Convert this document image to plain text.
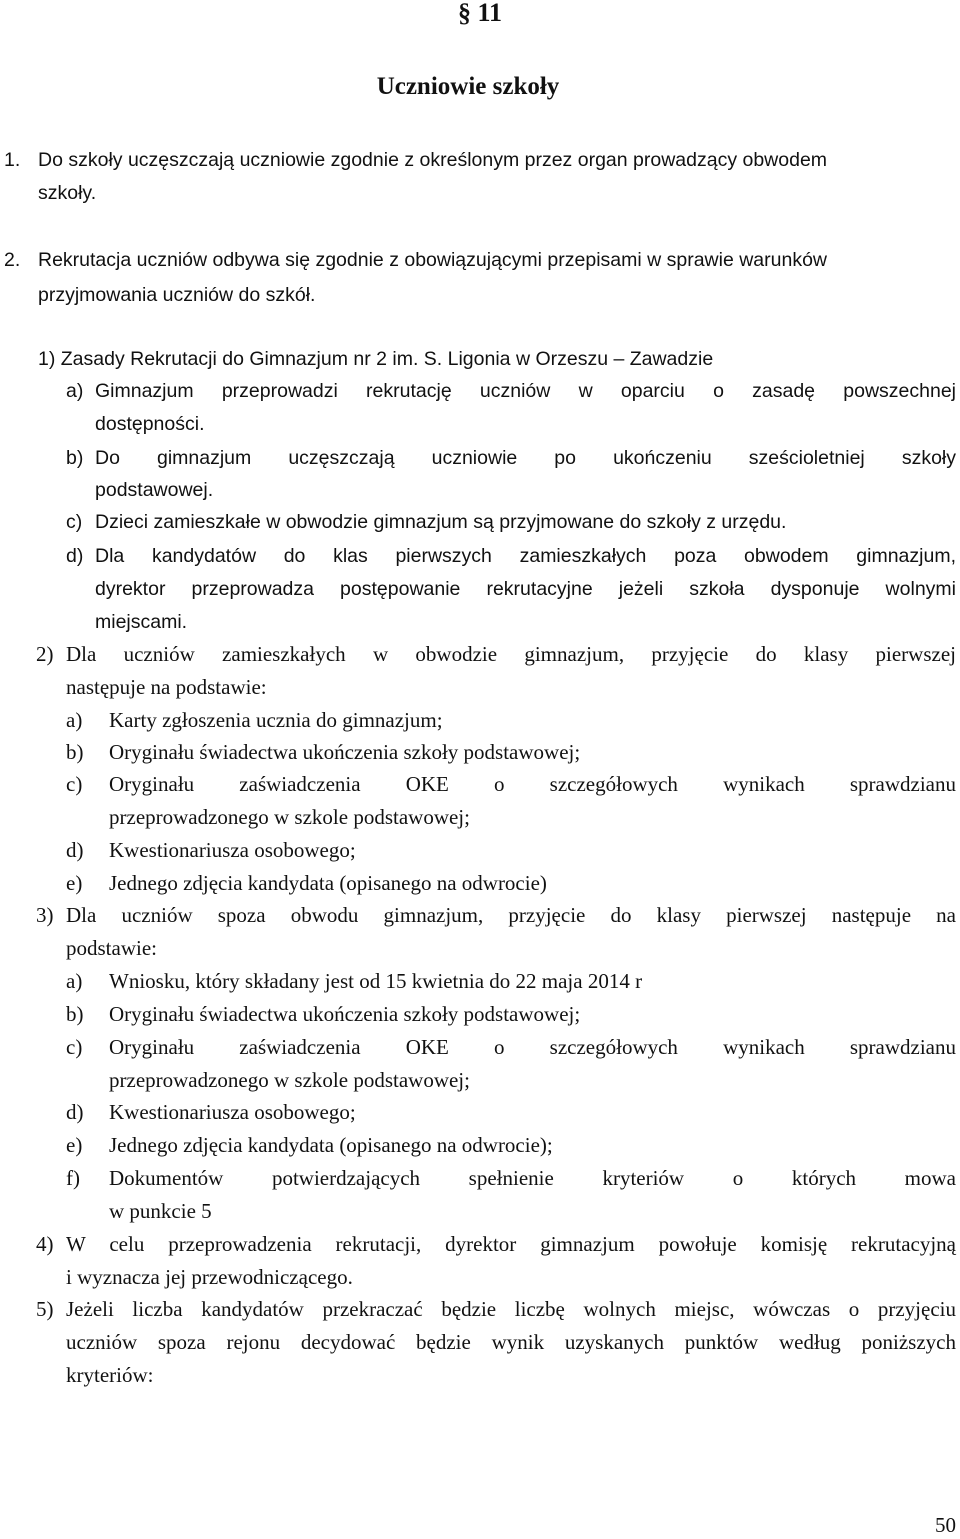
§ 11
Uczniowie szkoły
1. Do szkoły uczęszczają uczniowie zgodnie z określonym przez organ prowadzący obwodem
szkoły.
2. Rekrutacja uczniów odbywa się zgodnie z obowiązującymi przepisami w sprawie warunków
przyjmowania uczniów do szkół.
1) Zasady Rekrutacji do Gimnazjum nr 2 im. S. Ligonia w Orzeszu – Zawadzie
a) Gimnazjum przeprowadzi rekrutację uczniów w oparciu o zasadę powszechnej
dostępności.
b) Do gimnazjum uczęszczają uczniowie po ukończeniu sześcioletniej szkoły
podstawowej.
c) Dzieci zamieszkałe w obwodzie gimnazjum są przyjmowane do szkoły z urzędu.
d) Dla kandydatów do klas pierwszych zamieszkałych poza obwodem gimnazjum,
dyrektor przeprowadza postępowanie rekrutacyjne jeżeli szkoła dysponuje wolnymi
miejscami.
2) Dla uczniów zamieszkałych w obwodzie gimnazjum, przyjęcie do klasy pierwszej
następuje na podstawie:
a) Karty zgłoszenia ucznia do gimnazjum;
b) Oryginału świadectwa ukończenia szkoły podstawowej;
c) Oryginału zaświadczenia OKE o szczegółowych wynikach sprawdzianu
przeprowadzonego w szkole podstawowej;
d) Kwestionariusza osobowego;
e) Jednego zdjęcia kandydata (opisanego na odwrocie)
3) Dla uczniów spoza obwodu gimnazjum, przyjęcie do klasy pierwszej następuje na
podstawie:
a) Wniosku, który składany jest od 15 kwietnia do 22 maja 2014 r
b) Oryginału świadectwa ukończenia szkoły podstawowej;
c) Oryginału zaświadczenia OKE o szczegółowych wynikach sprawdzianu
przeprowadzonego w szkole podstawowej;
d) Kwestionariusza osobowego;
e) Jednego zdjęcia kandydata (opisanego na odwrocie);
f) Dokumentów potwierdzających spełnienie kryteriów o których mowa
w punkcie 5
4) W celu przeprowadzenia rekrutacji, dyrektor gimnazjum powołuje komisję rekrutacyjną
i wyznacza jej przewodniczącego.
5) Jeżeli liczba kandydatów przekraczać będzie liczbę wolnych miejsc, wówczas o przyjęciu
uczniów spoza rejonu decydować będzie wynik uzyskanych punktów według poniższych
kryteriów:
50
